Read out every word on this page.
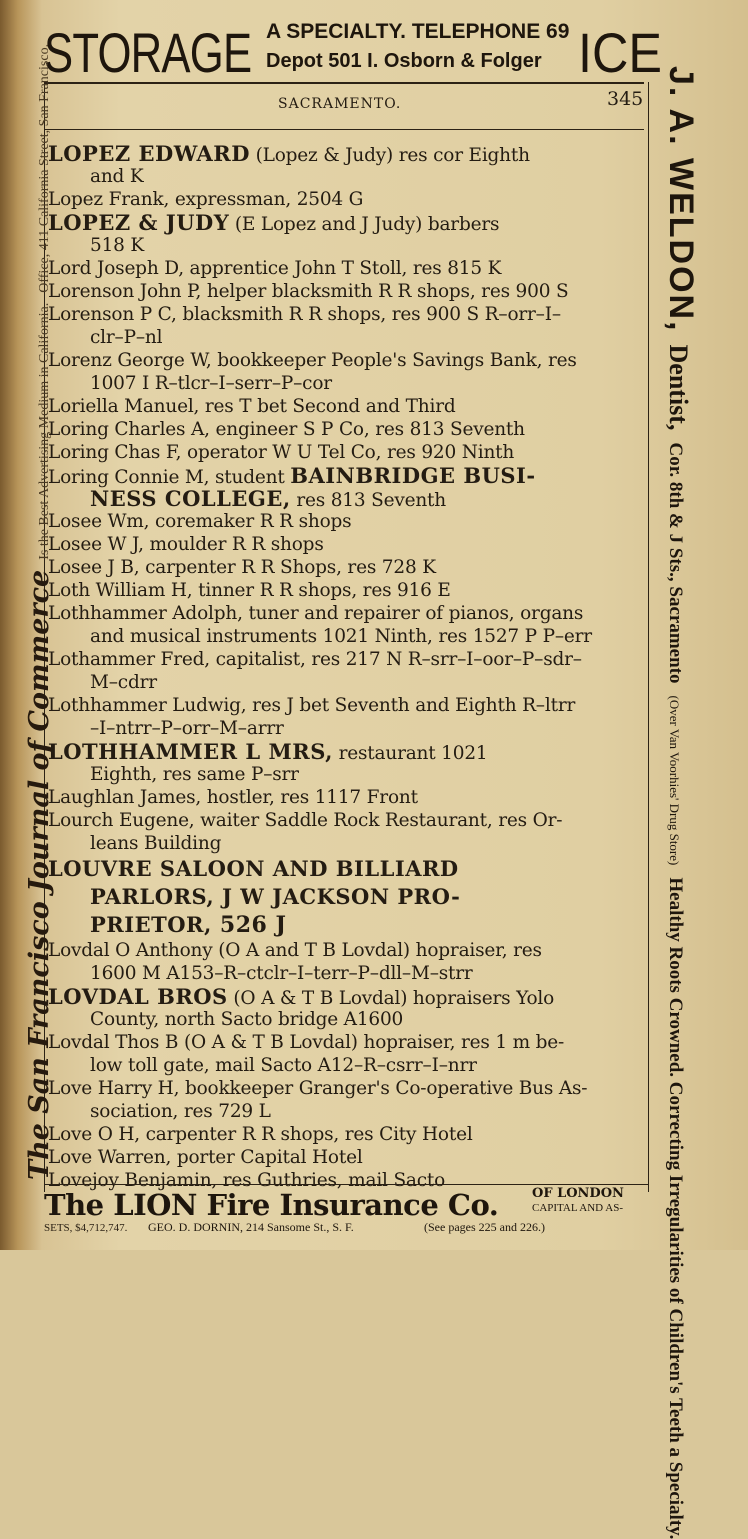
STORAGE A SPECIALTY. TELEPHONE 69
Depot 501 I. Osborn & Folger ICE
SACRAMENTO.	345
The San Francisco Journal of Commerce
Is the Best Advertising Medium in California.
Office, 411 California Street, San Francisco.	J. A. WELDON,
Dentist,
Cor. 8th & J Sts., Sacramento
(Over Van Voorhies' Drug Store)
Healthy Roots Crowned. Correcting Irregularities of Children's Teeth a Specialty.
LOPEZ EDWARD (Lopez & Judy) res cor Eighth
and K
Lopez Frank, expressman, 2504 G
LOPEZ & JUDY (E Lopez and J Judy) barbers
518 K
Lord Joseph D, apprentice John T Stoll, res 815 K
Lorenson John P, helper blacksmith R R shops, res 900 S
Lorenson P C, blacksmith R R shops, res 900 S R–orr–I–
clr–P–nl
Lorenz George W, bookkeeper People's Savings Bank, res
1007 I R–tlcr–I–serr–P–cor
Loriella Manuel, res T bet Second and Third
Loring Charles A, engineer S P Co, res 813 Seventh
Loring Chas F, operator W U Tel Co, res 920 Ninth
Loring Connie M, student BAINBRIDGE BUSI-
NESS COLLEGE, res 813 Seventh
Losee Wm, coremaker R R shops
Losee W J, moulder R R shops
Losee J B, carpenter R R Shops, res 728 K
Loth William H, tinner R R shops, res 916 E
Lothhammer Adolph, tuner and repairer of pianos, organs
and musical instruments 1021 Ninth, res 1527 P P–err
Lothammer Fred, capitalist, res 217 N R–srr–I–oor–P–sdr–
M–cdrr
Lothhammer Ludwig, res J bet Seventh and Eighth R–ltrr
–I–ntrr–P–orr–M–arrr
LOTHHAMMER L MRS, restaurant 1021
Eighth, res same P–srr
Laughlan James, hostler, res 1117 Front
Lourch Eugene, waiter Saddle Rock Restaurant, res Or-
leans Building
LOUVRE SALOON AND BILLIARD
PARLORS, J W JACKSON PRO-
PRIETOR, 526 J
Lovdal O Anthony (O A and T B Lovdal) hopraiser, res
1600 M A153–R–ctclr–I–terr–P–dll–M–strr
LOVDAL BROS (O A & T B Lovdal) hopraisers Yolo
County, north Sacto bridge A1600
Lovdal Thos B (O A & T B Lovdal) hopraiser, res 1 m be-
low toll gate, mail Sacto A12–R–csrr–I–nrr
Love Harry H, bookkeeper Granger's Co-operative Bus As-
sociation, res 729 L
Love O H, carpenter R R shops, res City Hotel
Love Warren, porter Capital Hotel
Lovejoy Benjamin, res Guthries, mail Sacto
The LION Fire Insurance Co.	OF LONDON
CAPITAL AND AS-
SETS, $4,712,747. GEO. D. DORNIN, 214 Sansome St., S. F.	(See pages 225 and 226.)
